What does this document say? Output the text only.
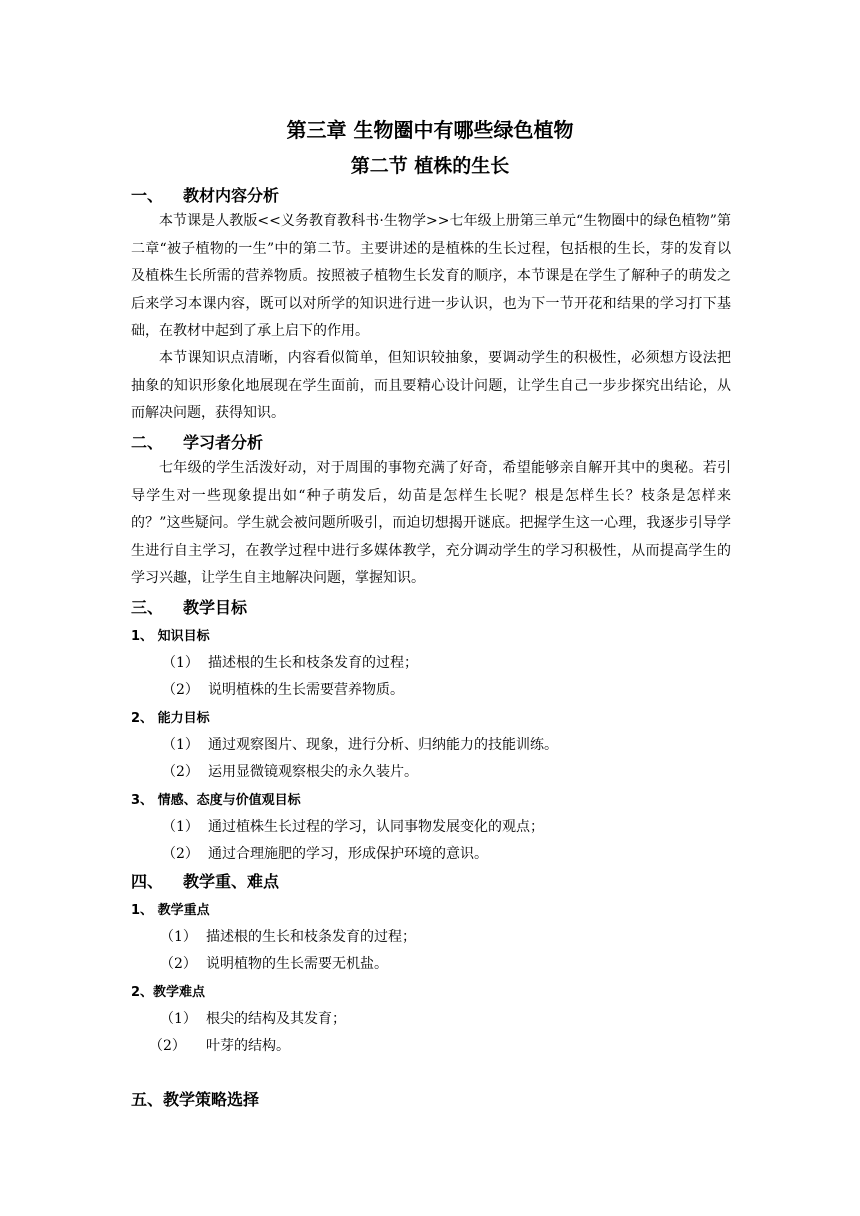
第三章 生物圈中有哪些绿色植物
第二节 植株的生长
一、 教材内容分析
本节课是人教版<<义务教育教科书·生物学>>七年级上册第三单元“生物圈中的绿色植物”第二章“被子植物的一生”中的第二节。主要讲述的是植株的生长过程，包括根的生长，芽的发育以及植株生长所需的营养物质。按照被子植物生长发育的顺序，本节课是在学生了解种子的萌发之后来学习本课内容，既可以对所学的知识进行进一步认识，也为下一节开花和结果的学习打下基础，在教材中起到了承上启下的作用。
本节课知识点清晰，内容看似简单，但知识较抽象，要调动学生的积极性，必须想方设法把抽象的知识形象化地展现在学生面前，而且要精心设计问题，让学生自己一步步探究出结论，从而解决问题，获得知识。
二、 学习者分析
七年级的学生活泼好动，对于周围的事物充满了好奇，希望能够亲自解开其中的奥秘。若引导学生对一些现象提出如“种子萌发后，幼苗是怎样生长呢？根是怎样生长？枝条是怎样来的？”这些疑问。学生就会被问题所吸引，而迫切想揭开谜底。把握学生这一心理，我逐步引导学生进行自主学习，在教学过程中进行多媒体教学，充分调动学生的学习积极性，从而提高学生的学习兴趣，让学生自主地解决问题，掌握知识。
三、 教学目标
1、 知识目标
（1） 描述根的生长和枝条发育的过程；
（2） 说明植株的生长需要营养物质。
2、 能力目标
（1） 通过观察图片、现象，进行分析、归纳能力的技能训练。
（2） 运用显微镜观察根尖的永久装片。
3、 情感、态度与价值观目标
（1） 通过植株生长过程的学习，认同事物发展变化的观点；
（2） 通过合理施肥的学习，形成保护环境的意识。
四、 教学重、难点
1、 教学重点
（1） 描述根的生长和枝条发育的过程；
（2） 说明植物的生长需要无机盐。
2、教学难点
（1） 根尖的结构及其发育；
（2） 叶芽的结构。
五、教学策略选择
